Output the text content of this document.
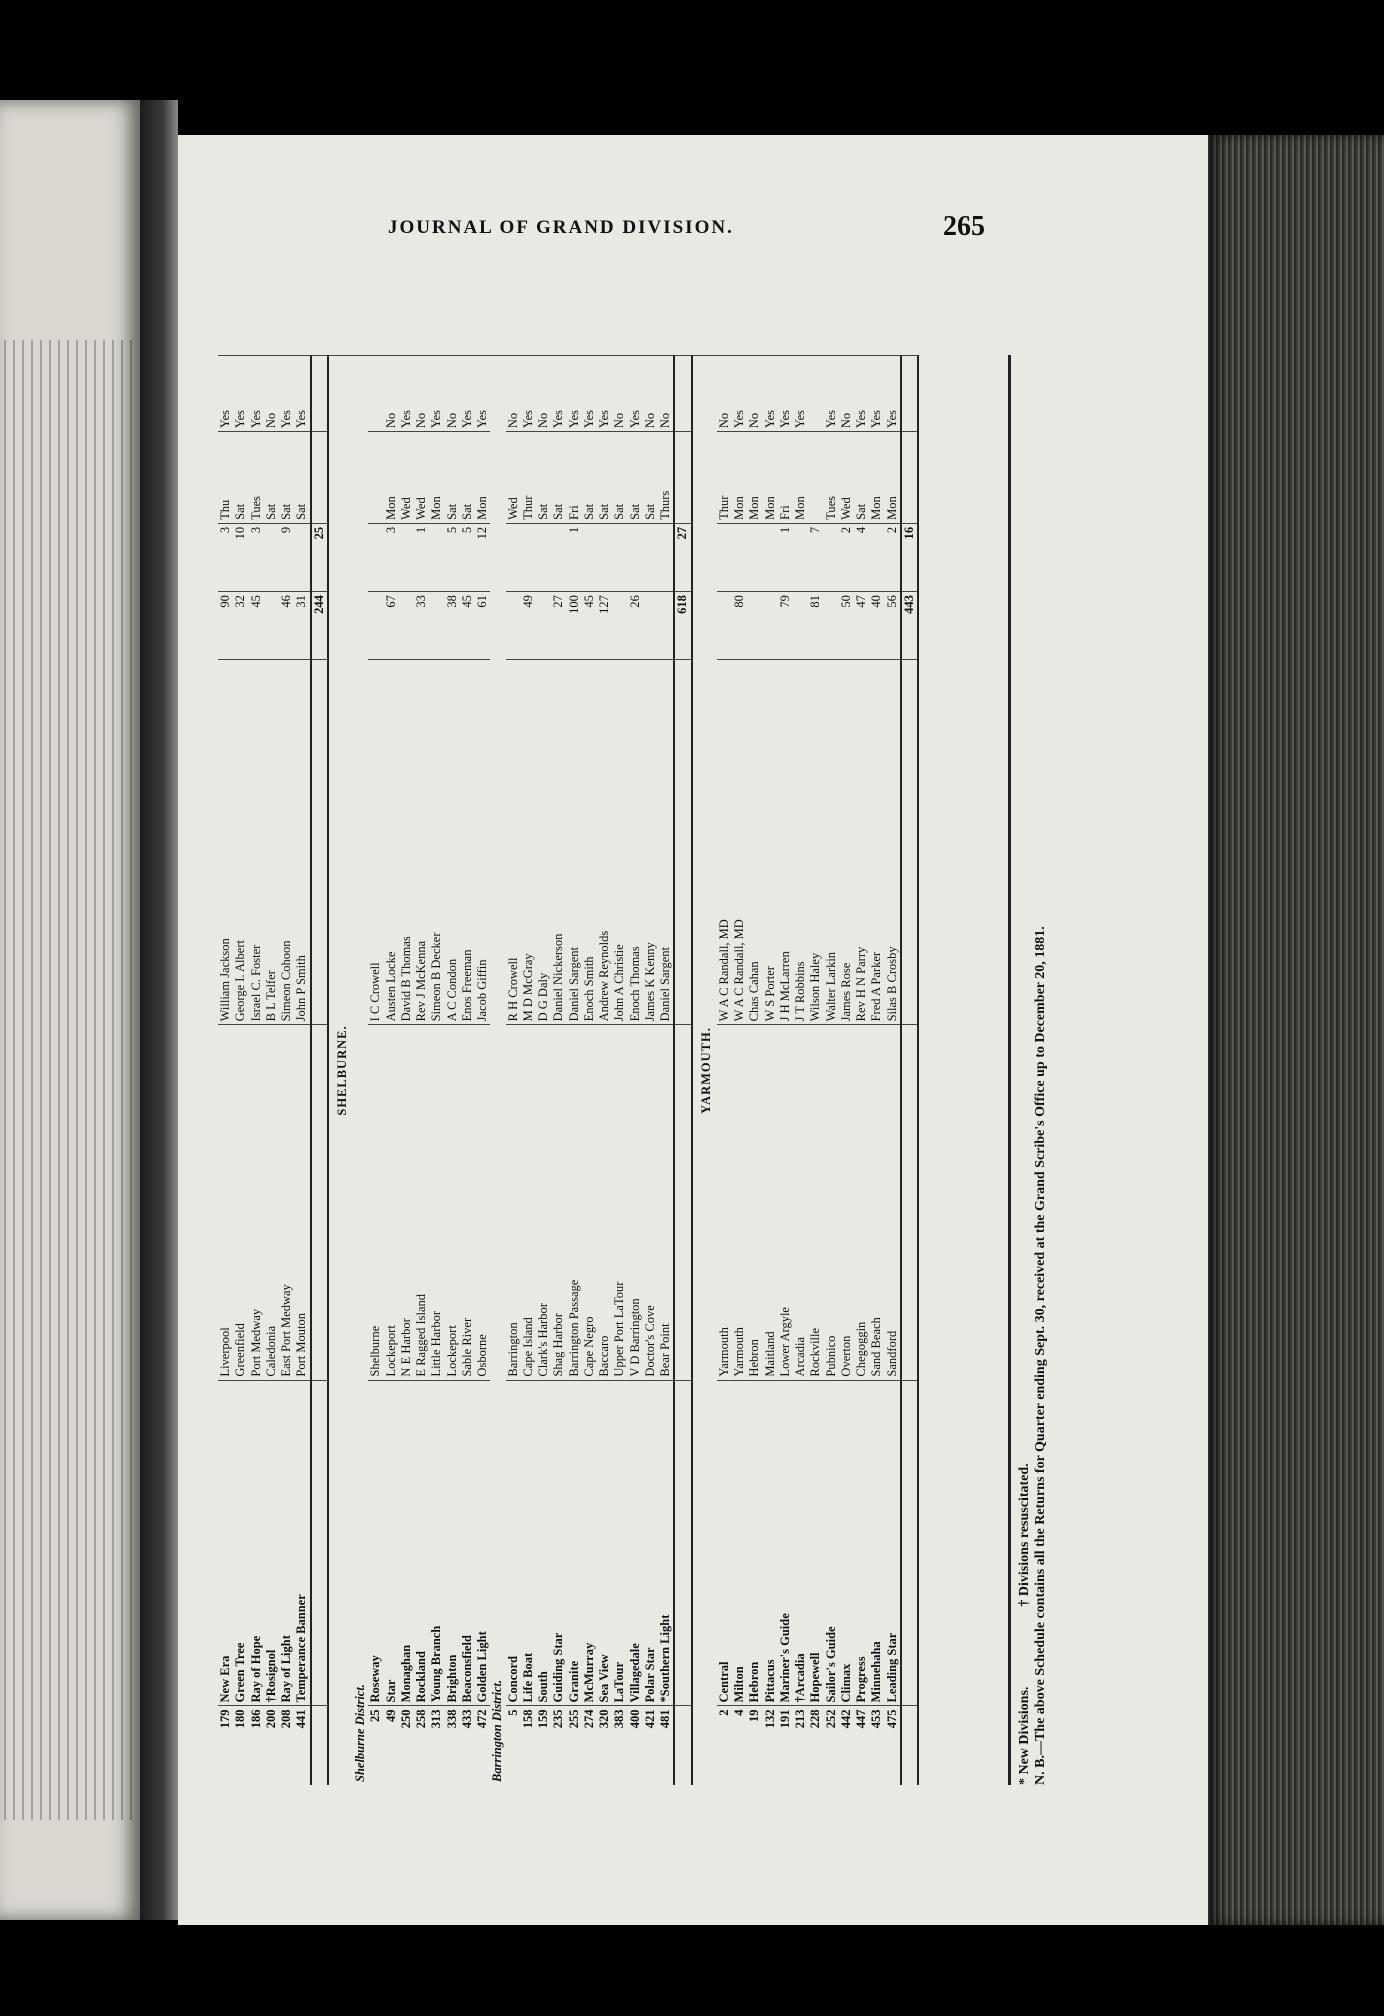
JOURNAL OF GRAND DIVISION.	265
179	New Era	Liverpool	William Jackson	90	3	Thu	Yes
180	Green Tree	Greenfield	George I. Albert	32	10	Sat	Yes
186	Ray of Hope	Port Medway	Israel C. Foster	45	3	Tues	Yes
200	†Rosignol	Caledonia	B L Telfer			Sat	No
208	Ray of Light	East Port Medway	Simeon Cohoon	46	9	Sat	Yes
441	Temperance Banner	Port Mouton	John P Smith	31		Sat	Yes
				244	25		
SHELBURNE.							
Shelburne District.							
25	Roseway	Shelburne	I C Crowell				
49	Star	Lockeport	Austen Locke	67	3	Mon	No
250	Monaghan	N E Harbor	David B Thomas			Wed	Yes
258	Rockland	E Ragged Island	Rev J McKenna	33	1	Wed	No
313	Young Branch	Little Harbor	Simeon B Decker			Mon	Yes
338	Brighton	Lockeport	A C Condon	38	5	Sat	No
433	Beaconsfield	Sable River	Enos Freeman	45	5	Sat	Yes
472	Golden Light	Osborne	Jacob Giffin	61	12	Mon	Yes
Barrington District.							
5	Concord	Barrington	R H Crowell			Wed	No
158	Life Boat	Cape Island	M D McGray	49		Thur	Yes
159	South	Clark's Harbor	D G Daly			Sat	No
235	Guiding Star	Shag Harbor	Daniel Nickerson	27		Sat	Yes
255	Granite	Barrington Passage	Daniel Sargent	100	1	Fri	Yes
274	McMurray	Cape Negro	Enoch Smith	45		Sat	Yes
320	Sea View	Baccaro	Andrew Reynolds	127		Sat	Yes
383	LaTour	Upper Port LaTour	John A Christie			Sat	No
400	Villagedale	V D Barrington	Enoch Thomas	26		Sat	Yes
421	Polar Star	Doctor's Cove	James K Kenny			Sat	No
481	*Southern Light	Bear Point	Daniel Sargent			Thurs	No
				618	27		
YARMOUTH.							
2	Central	Yarmouth	W A C Randall, MD			Thur	No
4	Milton	Yarmouth	W A C Randall, MD	80		Mon	Yes
19	Hebron	Hebron	Chas Cahan			Mon	No
132	Pittacus	Maitland	W S Porter			Mon	Yes
191	Mariner's Guide	Lower Argyle	J H McLarren	79	1	Fri	Yes
213	†Arcadia	Arcadia	J T Robbins			Mon	Yes
228	Hopewell	Rockville	Wilson Haley	81	7		
252	Sailor's Guide	Pubnico	Walter Larkin			Tues	Yes
442	Climax	Overton	James Rose	50	2	Wed	No
447	Progress	Chegoggin	Rev H N Parry	47	4	Sat	Yes
453	Minnehaha	Sand Beach	Fred A Parker	40		Mon	Yes
475	Leading Star	Sandford	Silas B Crosby	56	2	Mon	Yes
				443	16		
* New Divisions.
† Divisions resuscitated. N. B.—The above Schedule contains all the Returns for Quarter ending Sept. 30, received at the Grand Scribe's Office up to December 20, 1881.
